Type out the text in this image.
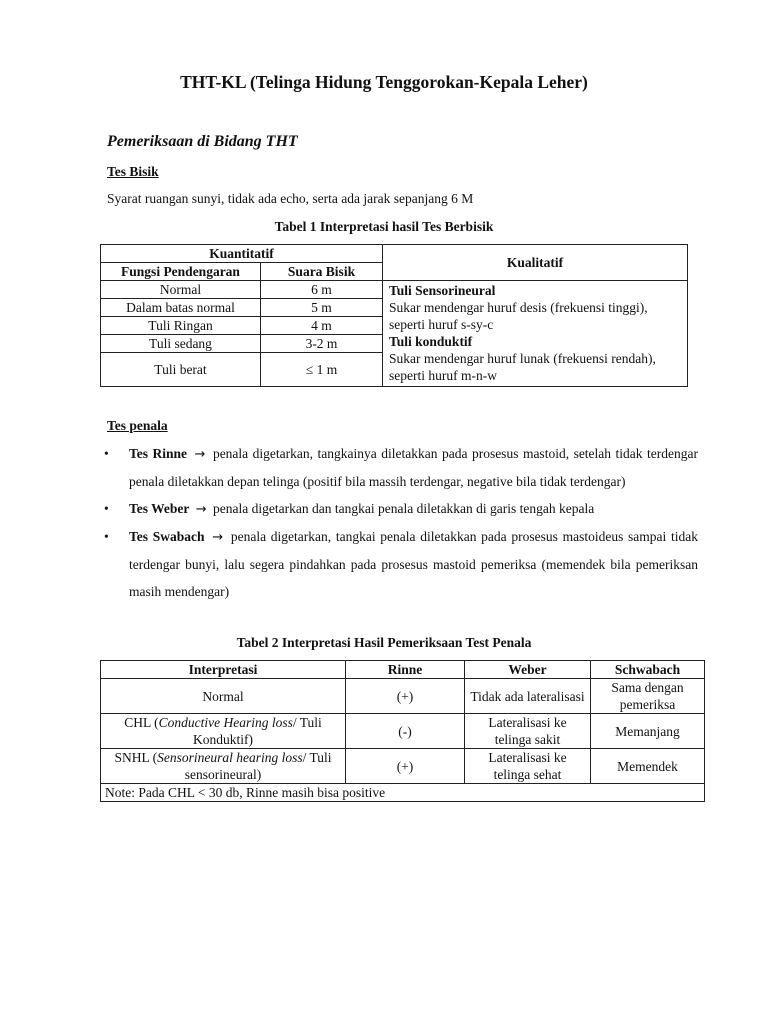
THT-KL (Telinga Hidung Tenggorokan-Kepala Leher)
Pemeriksaan di Bidang THT
Tes Bisik
Syarat ruangan sunyi, tidak ada echo, serta ada jarak sepanjang 6 M
Tabel 1 Interpretasi hasil Tes Berbisik
Kuantitatif		Kualitatif
Fungsi Pendengaran	Suara Bisik	
Normal	6 m	Tuli Sensorineural
Sukar mendengar huruf desis (frekuensi tinggi), seperti huruf s-sy-c
Tuli konduktif
Sukar mendengar huruf lunak (frekuensi rendah), seperti huruf m-n-w

Dalam batas normal	5 m	
Tuli Ringan	4 m	
Tuli sedang	3-2 m	
Tuli berat	≤ 1 m	
Tes penala
• Tes Rinne → penala digetarkan, tangkainya diletakkan pada prosesus mastoid, setelah tidak terdengar penala diletakkan depan telinga (positif bila massih terdengar, negative bila tidak terdengar)
• Tes Weber → penala digetarkan dan tangkai penala diletakkan di garis tengah kepala
• Tes Swabach → penala digetarkan, tangkai penala diletakkan pada prosesus mastoideus sampai tidak terdengar bunyi, lalu segera pindahkan pada prosesus mastoid pemeriksa (memendek bila pemeriksan masih mendengar)
Tabel 2 Interpretasi Hasil Pemeriksaan Test Penala
Interpretasi	Rinne	Weber	Schwabach
Normal	(+)	Tidak ada lateralisasi	Sama dengan pemeriksa
CHL (Conductive Hearing loss/ Tuli Konduktif)	(-)	Lateralisasi ke telinga sakit	Memanjang
SNHL (Sensorineural hearing loss/ Tuli sensorineural)	(+)	Lateralisasi ke telinga sehat	Memendek
Note: Pada CHL < 30 db, Rinne masih bisa positive			
